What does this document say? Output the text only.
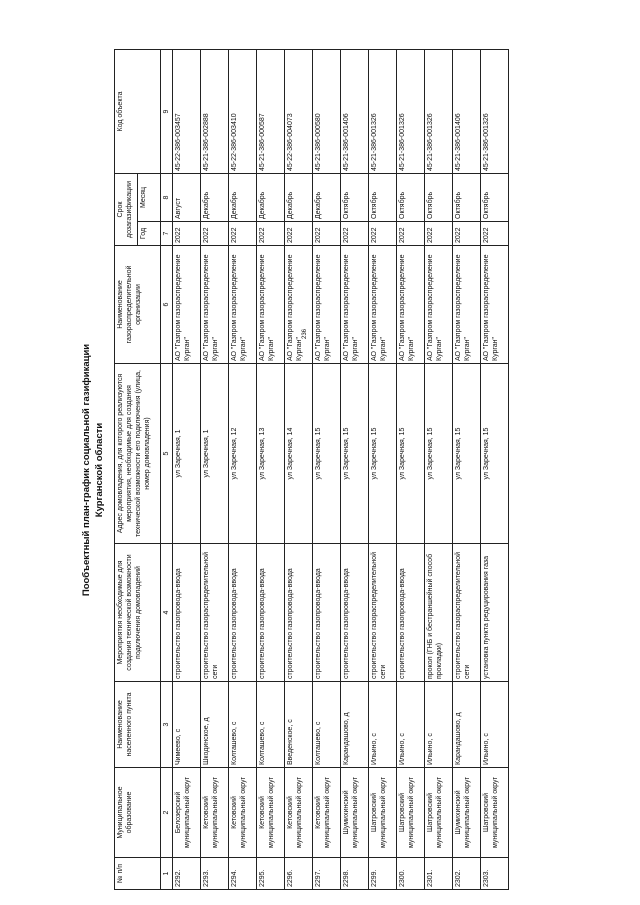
236
Пообъектный план-график социальной газификации Курганской области
№ п/п	Муниципальное образование	Наименование населенного пункта	Мероприятия необходимые для создания технической возможности подключения домовладений	Адрес домовладения, для которого реализуются мероприятия, необходимые для создания технической возможности его подключения (улица, номер домовладения)	Наименование газораспределительной организации	Срок дозагазификации		Код объекта
						Год	Месяц	
1	2	3	4	5	6	7	8	9
2292.	Белозерский муниципальный округ	Чимеево, с	строительство газопровода-ввода	ул Заречная, 1	АО "Газпром газораспределение Курган"	2022	Август	45-22-386-003457
2293.	Кетовский муниципальный округ	Шкодинское, д	строительство газораспределительной сети	ул Заречная, 1	АО "Газпром газораспределение Курган"	2022	Декабрь	45-21-386-002888
2294.	Кетовский муниципальный округ	Колташево, с	строительство газопровода-ввода	ул Заречная, 12	АО "Газпром газораспределение Курган"	2022	Декабрь	45-22-386-003410
2295.	Кетовский муниципальный округ	Колташево, с	строительство газопровода-ввода	ул Заречная, 13	АО "Газпром газораспределение Курган"	2022	Декабрь	45-21-386-000587
2296.	Кетовский муниципальный округ	Введенское, с	строительство газопровода-ввода	ул Заречная, 14	АО "Газпром газораспределение Курган"	2022	Декабрь	45-22-386-004073
2297.	Кетовский муниципальный округ	Колташево, с	строительство газопровода-ввода	ул Заречная, 15	АО "Газпром газораспределение Курган"	2022	Декабрь	45-21-386-000580
2298.	Шумихинский муниципальный округ	Карандашово, д	строительство газопровода-ввода	ул Заречная, 15	АО "Газпром газораспределение Курган"	2022	Октябрь	45-21-386-001406
2299.	Шатровский муниципальный округ	Ильино, с	строительство газораспределительной сети	ул Заречная, 15	АО "Газпром газораспределение Курган"	2022	Октябрь	45-21-386-001326
2300.	Шатровский муниципальный округ	Ильино, с	строительство газопровода-ввода	ул Заречная, 15	АО "Газпром газораспределение Курган"	2022	Октябрь	45-21-386-001326
2301.	Шатровский муниципальный округ	Ильино, с	прокол (ГНБ и бестраншейный способ прокладки)	ул Заречная, 15	АО "Газпром газораспределение Курган"	2022	Октябрь	45-21-386-001326
2302.	Шумихинский муниципальный округ	Карандашово, д	строительство газораспределительной сети	ул Заречная, 15	АО "Газпром газораспределение Курган"	2022	Октябрь	45-21-386-001406
2303.	Шатровский муниципальный округ	Ильино, с	установка пункта редуцирования газа	ул Заречная, 15	АО "Газпром газораспределение Курган"	2022	Октябрь	45-21-386-001326
